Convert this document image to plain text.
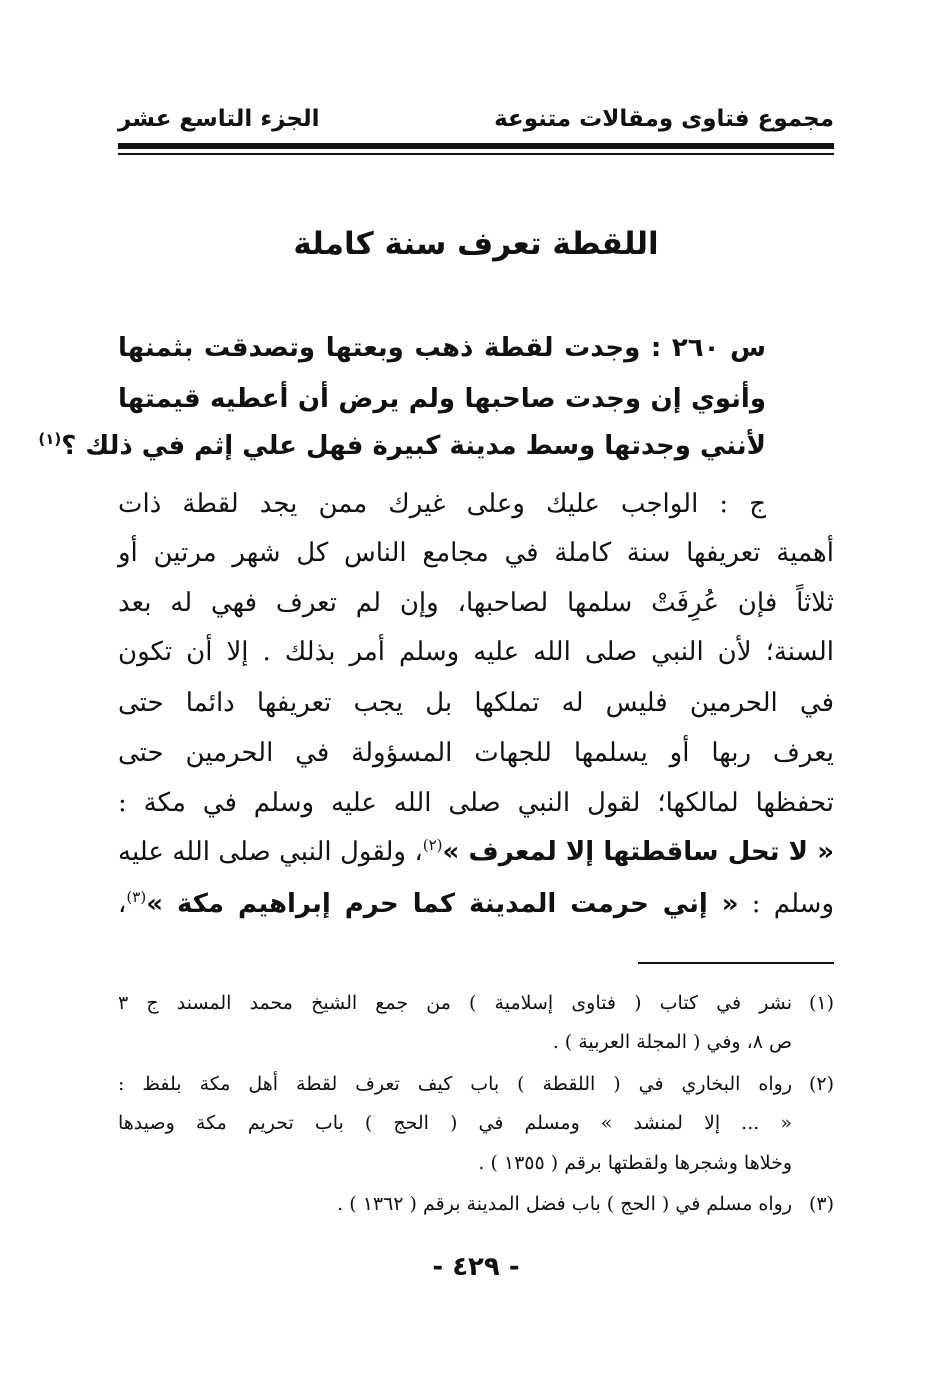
مجموع فتاوى ومقالات متنوعة
الجزء التاسع عشر
اللقطة تعرف سنة كاملة
س ٢٦٠ : وجدت لقطة ذهب وبعتها وتصدقت بثمنها
وأنوي إن وجدت صاحبها ولم يرض أن أعطيه قيمتها
لأنني وجدتها وسط مدينة كبيرة فهل علي إثم في ذلك ؟$^{(١)}$
ج : الواجب عليك وعلى غيرك ممن يجد لقطة ذات
أهمية تعريفها سنة كاملة في مجامع الناس كل شهر مرتين أو
ثلاثاً فإن عُرِفَتْ سلمها لصاحبها، وإن لم تعرف فهي له بعد
السنة؛ لأن النبي صلى الله عليه وسلم أمر بذلك . إلا أن تكون
في الحرمين فليس له تملكها بل يجب تعريفها دائما حتى
يعرف ربها أو يسلمها للجهات المسؤولة في الحرمين حتى
تحفظها لمالكها؛ لقول النبي صلى الله عليه وسلم في مكة :
« لا تحل ساقطتها إلا لمعرف »$^{(٢)}$، ولقول النبي صلى الله عليه
وسلم : « إني حرمت المدينة كما حرم إبراهيم مكة »$^{(٣)}$،
(١)نشر في كتاب ( فتاوى إسلامية ) من جمع الشيخ محمد المسند ج ٣
ص ٨، وفي ( المجلة العربية ) .
(٢)رواه البخاري في ( اللقطة ) باب كيف تعرف لقطة أهل مكة بلفظ :
« ... إلا لمنشد » ومسلم في ( الحج ) باب تحريم مكة وصيدها
وخلاها وشجرها ولقطتها برقم ( ١٣٥٥ ) .
(٣)رواه مسلم في ( الحج ) باب فضل المدينة برقم ( ١٣٦٢ ) .
- ٤٢٩ -
